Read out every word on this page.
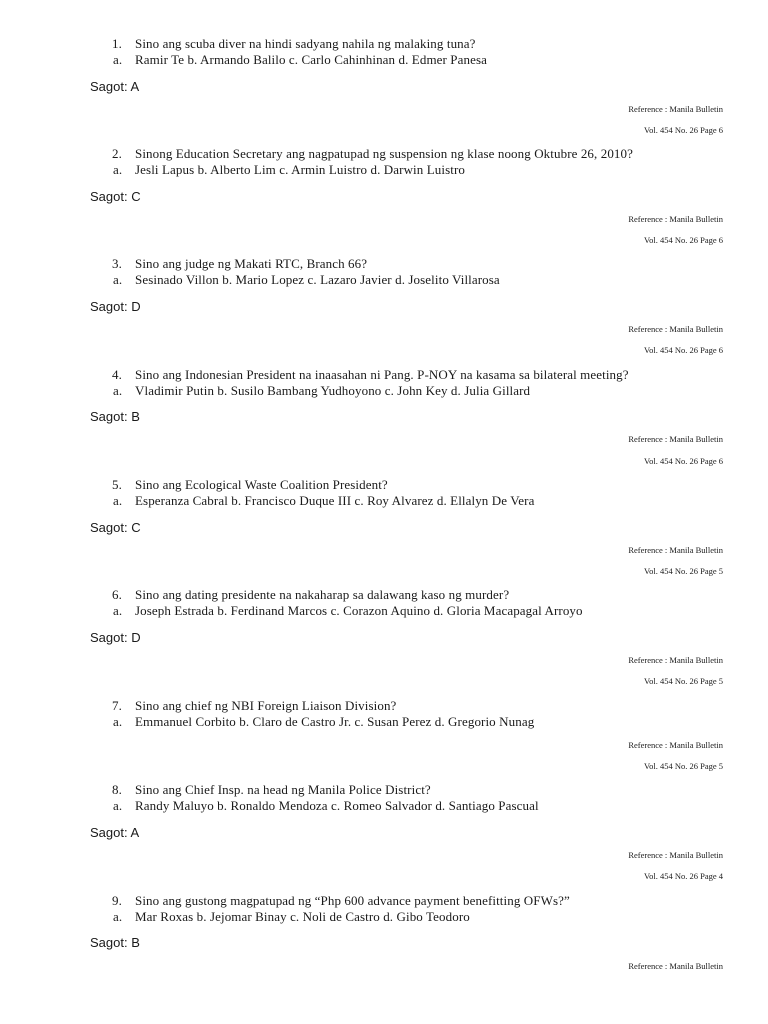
1. Sino ang scuba diver na hindi sadyang nahila ng malaking tuna?
a. Ramir Te b. Armando Balilo c. Carlo Cahinhinan d. Edmer Panesa
Sagot: A
Reference : Manila Bulletin
Vol. 454 No. 26 Page 6
2. Sinong Education Secretary ang nagpatupad ng suspension ng klase noong Oktubre 26, 2010?
a. Jesli Lapus b. Alberto Lim c. Armin Luistro d. Darwin Luistro
Sagot: C
Reference : Manila Bulletin
Vol. 454 No. 26 Page 6
3. Sino ang judge ng Makati RTC, Branch 66?
a. Sesinado Villon b. Mario Lopez c. Lazaro Javier d. Joselito Villarosa
Sagot: D
Reference : Manila Bulletin
Vol. 454 No. 26 Page 6
4. Sino ang Indonesian President na inaasahan ni Pang. P-NOY na kasama sa bilateral meeting?
a. Vladimir Putin b. Susilo Bambang Yudhoyono c. John Key d. Julia Gillard
Sagot: B
Reference : Manila Bulletin
Vol. 454 No. 26 Page 6
5. Sino ang Ecological Waste Coalition President?
a. Esperanza Cabral b. Francisco Duque III c. Roy Alvarez d. Ellalyn De Vera
Sagot: C
Reference : Manila Bulletin
Vol. 454 No. 26 Page 5
6. Sino ang dating presidente na nakaharap sa dalawang kaso ng murder?
a. Joseph Estrada b. Ferdinand Marcos c. Corazon Aquino d. Gloria Macapagal Arroyo
Sagot: D
Reference : Manila Bulletin
Vol. 454 No. 26 Page 5
7. Sino ang chief ng NBI Foreign Liaison Division?
a. Emmanuel Corbito b. Claro de Castro Jr. c. Susan Perez d. Gregorio Nunag
Reference : Manila Bulletin
Vol. 454 No. 26 Page 5
8. Sino ang Chief Insp. na head ng Manila Police District?
a. Randy Maluyo b. Ronaldo Mendoza c. Romeo Salvador d. Santiago Pascual
Sagot: A
Reference : Manila Bulletin
Vol. 454 No. 26 Page 4
9. Sino ang gustong magpatupad ng “Php 600 advance payment benefitting OFWs?”
a. Mar Roxas b. Jejomar Binay c. Noli de Castro d. Gibo Teodoro
Sagot: B
Reference : Manila Bulletin
